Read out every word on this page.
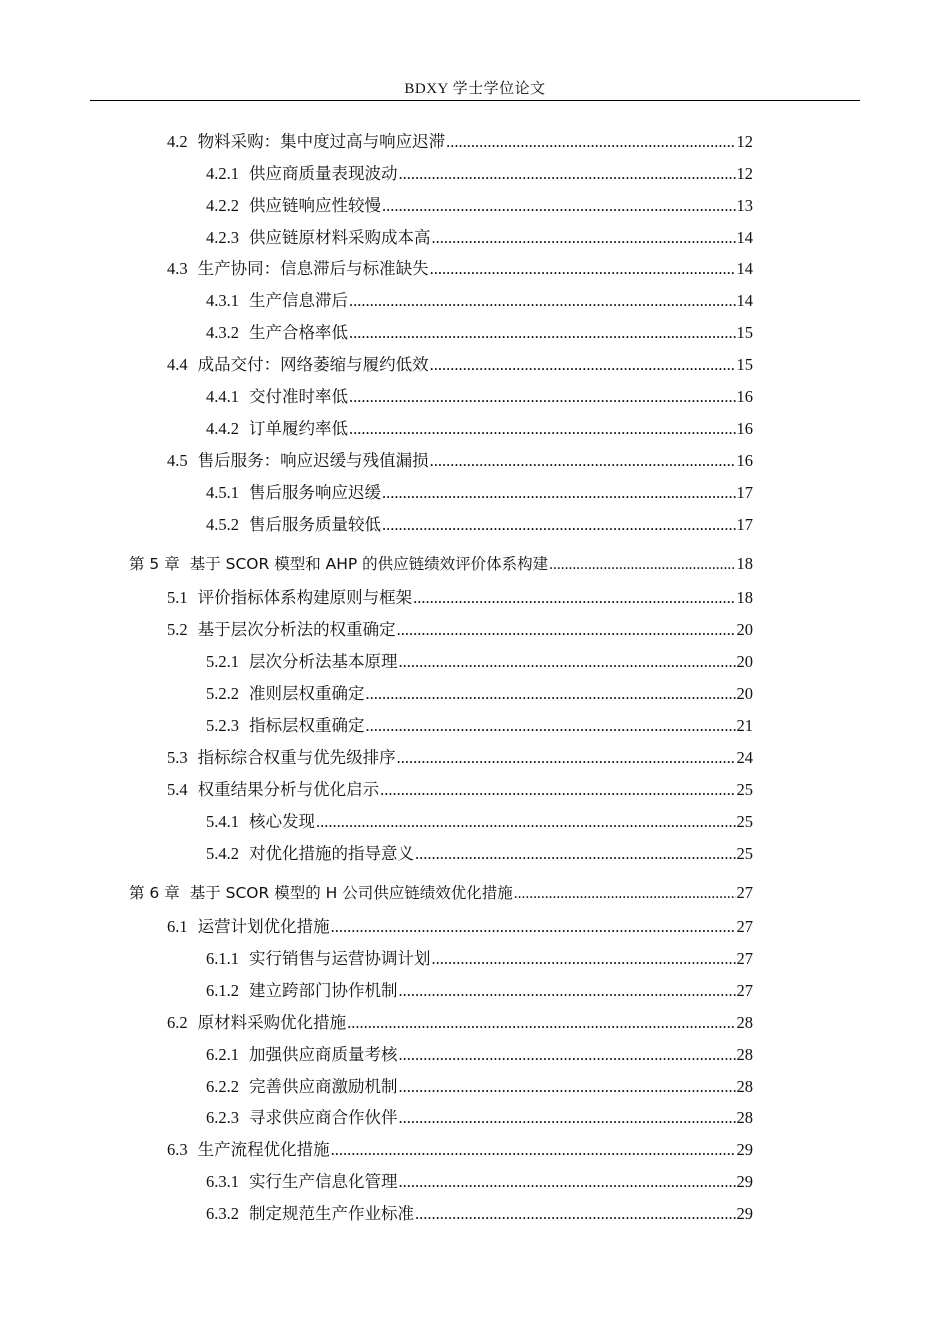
BDXY 学士学位论文
4.2 物料采购：集中度过高与响应迟滞 .....	12
4.2.1 供应商质量表现波动 .....	12
4.2.2 供应链响应性较慢 .....	13
4.2.3 供应链原材料采购成本高 .....	14
4.3 生产协同：信息滞后与标准缺失 .....	14
4.3.1 生产信息滞后 .....	14
4.3.2 生产合格率低 .....	15
4.4 成品交付：网络萎缩与履约低效 .....	15
4.4.1 交付准时率低 .....	16
4.4.2 订单履约率低 .....	16
4.5 售后服务：响应迟缓与残值漏损 .....	16
4.5.1 售后服务响应迟缓 .....	17
4.5.2 售后服务质量较低 .....	17
第 5 章 基于 SCOR 模型和 AHP 的供应链绩效评价体系构建 .....	18
5.1 评价指标体系构建原则与框架 .....	18
5.2 基于层次分析法的权重确定 .....	20
5.2.1 层次分析法基本原理 .....	20
5.2.2 准则层权重确定 .....	20
5.2.3 指标层权重确定 .....	21
5.3 指标综合权重与优先级排序 .....	24
5.4 权重结果分析与优化启示 .....	25
5.4.1 核心发现 .....	25
5.4.2 对优化措施的指导意义 .....	25
第 6 章 基于 SCOR 模型的 H 公司供应链绩效优化措施 .....	27
6.1 运营计划优化措施 .....	27
6.1.1 实行销售与运营协调计划 .....	27
6.1.2 建立跨部门协作机制 .....	27
6.2 原材料采购优化措施 .....	28
6.2.1 加强供应商质量考核 .....	28
6.2.2 完善供应商激励机制 .....	28
6.2.3 寻求供应商合作伙伴 .....	28
6.3 生产流程优化措施 .....	29
6.3.1 实行生产信息化管理 .....	29
6.3.2 制定规范生产作业标准 .....	29
